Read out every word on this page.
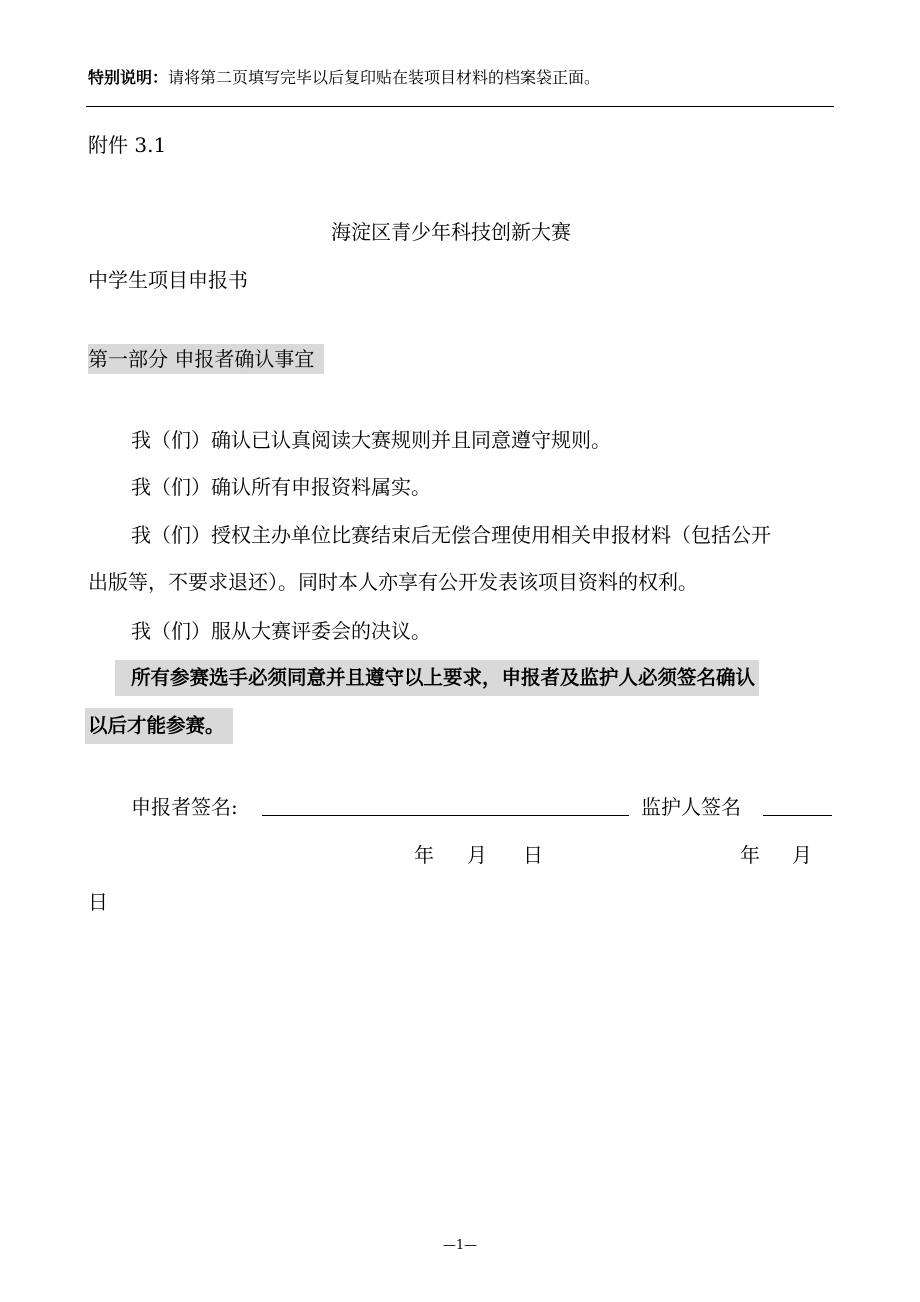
特别说明：请将第二页填写完毕以后复印贴在装项目材料的档案袋正面。
附件 3.1
海淀区青少年科技创新大赛
中学生项目申报书
第一部分 申报者确认事宜
我（们）确认已认真阅读大赛规则并且同意遵守规则。
我（们）确认所有申报资料属实。
我（们）授权主办单位比赛结束后无偿合理使用相关申报材料（包括公开
出版等，不要求退还）。同时本人亦享有公开发表该项目资料的权利。
我（们）服从大赛评委会的决议。
所有参赛选手必须同意并且遵守以上要求，申报者及监护人必须签名确认
以后才能参赛。
申报者签名:	监护人签名
年 月 日	年 月
日
—1—
